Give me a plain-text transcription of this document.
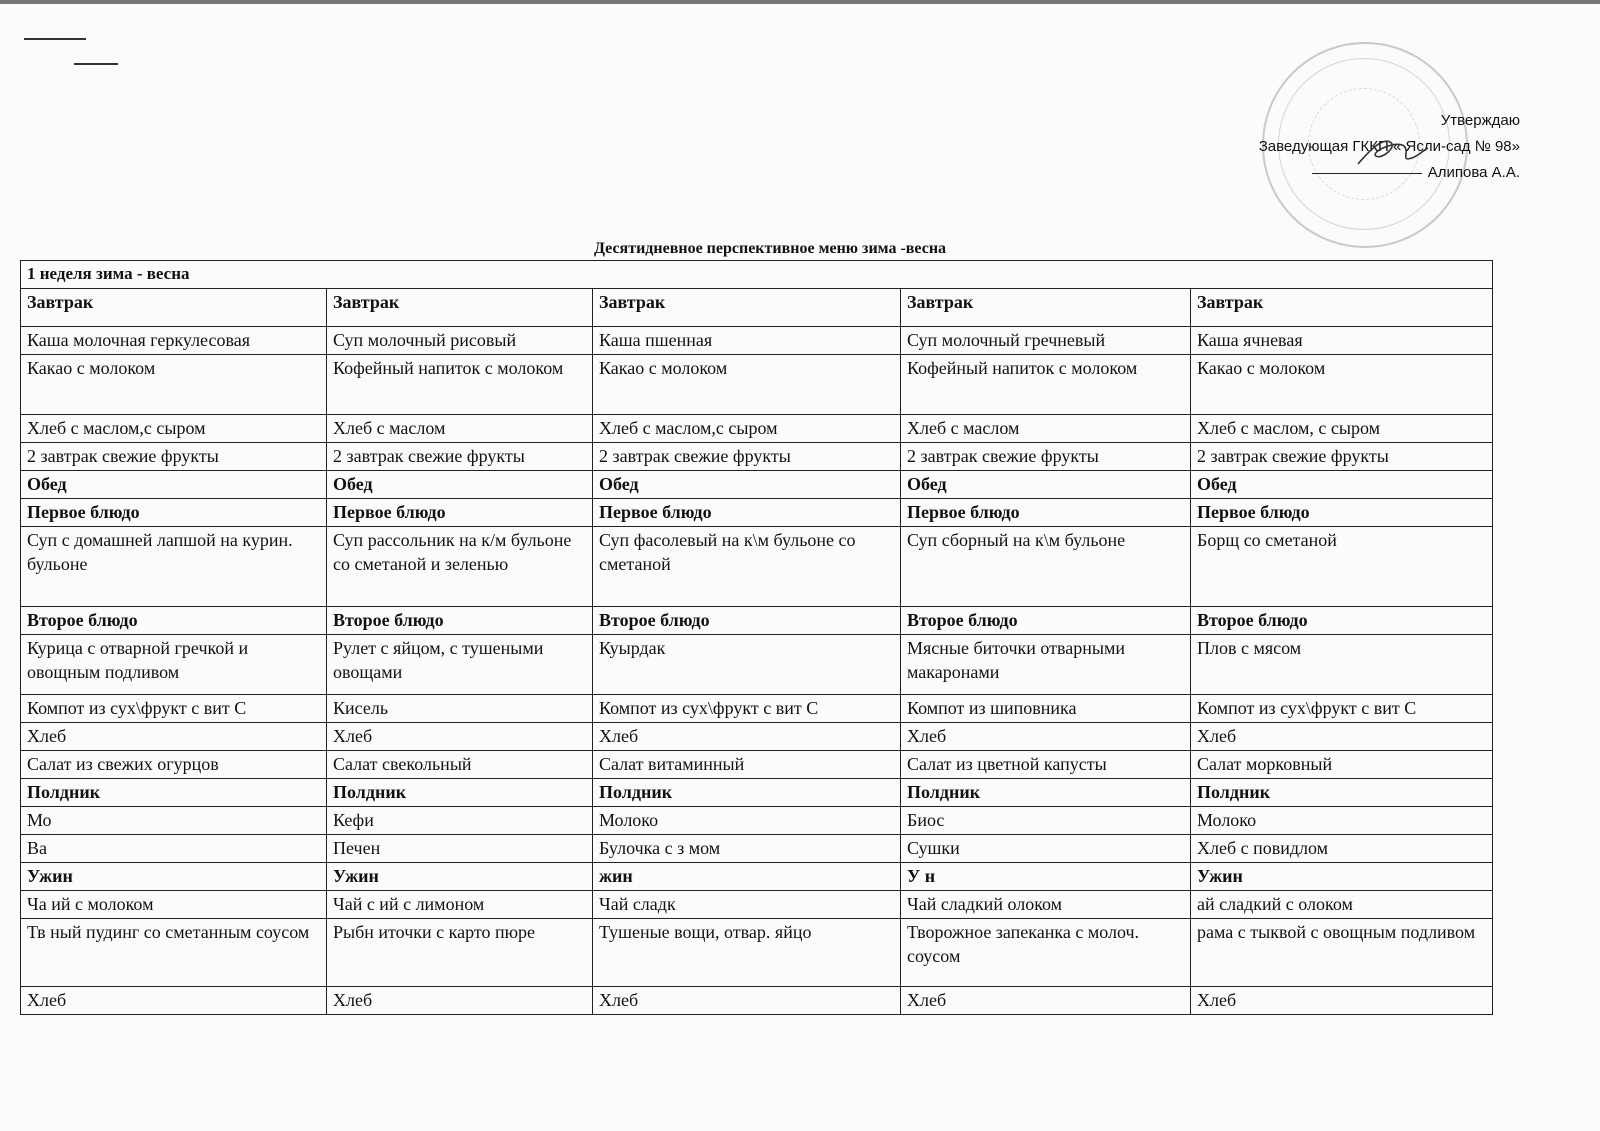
Утверждаю
Заведующая ГККП « Ясли-сад № 98»
Алипова А.А.
Десятидневное перспективное меню зима -весна
1 неделя зима - весна				
Завтрак	Завтрак	Завтрак	Завтрак	Завтрак
Каша молочная геркулесовая	Суп молочный рисовый	Каша пшенная	Суп молочный гречневый	Каша ячневая
Какао с молоком	Кофейный напиток с молоком	Какао с молоком	Кофейный напиток с молоком	Какао с молоком
Хлеб с маслом,с сыром	Хлеб с маслом	Хлеб с маслом,с сыром	Хлеб с маслом	Хлеб с маслом, с сыром
2 завтрак свежие фрукты	2 завтрак свежие фрукты	2 завтрак свежие фрукты	2 завтрак свежие фрукты	2 завтрак свежие фрукты
Обед	Обед	Обед	Обед	Обед
Первое блюдо	Первое блюдо	Первое блюдо	Первое блюдо	Первое блюдо
Суп с домашней лапшой на курин. бульоне	Суп рассольник на к/м бульоне со сметаной и зеленью	Суп фасолевый на к\м бульоне со сметаной	Суп сборный на к\м бульоне	Борщ со сметаной
Второе блюдо	Второе блюдо	Второе блюдо	Второе блюдо	Второе блюдо
Курица с отварной гречкой и овощным подливом	Рулет с яйцом, с тушеными овощами	Куырдак	Мясные биточки отварными макаронами	Плов с мясом
Компот из сух\фрукт с вит С	Кисель	Компот из сух\фрукт с вит С	Компот из шиповника	Компот из сух\фрукт с вит С
Хлеб	Хлеб	Хлеб	Хлеб	Хлеб
Салат из свежих огурцов	Салат свекольный	Салат витаминный	Салат из цветной капусты	Салат морковный
Полдник	Полдник	Полдник	Полдник	Полдник
Мо	Кефи	Молоко	Биос	Молоко
Ва	Печен	Булочка с з мом	Сушки	Хлеб с повидлом
Ужин	Ужин	жин	У н	Ужин
Ча ий с молоком	Чай с ий с лимоном	Чай сладк	Чай сладкий олоком	ай сладкий с олоком
Тв ный пудинг со сметанным соусом	Рыбн иточки с карто пюре	Тушеные вощи, отвар. яйцо	Творожное запеканка с молоч. соусом	рама с тыквой с овощным подливом
Хлеб	Хлеб	Хлеб	Хлеб	Хлеб
